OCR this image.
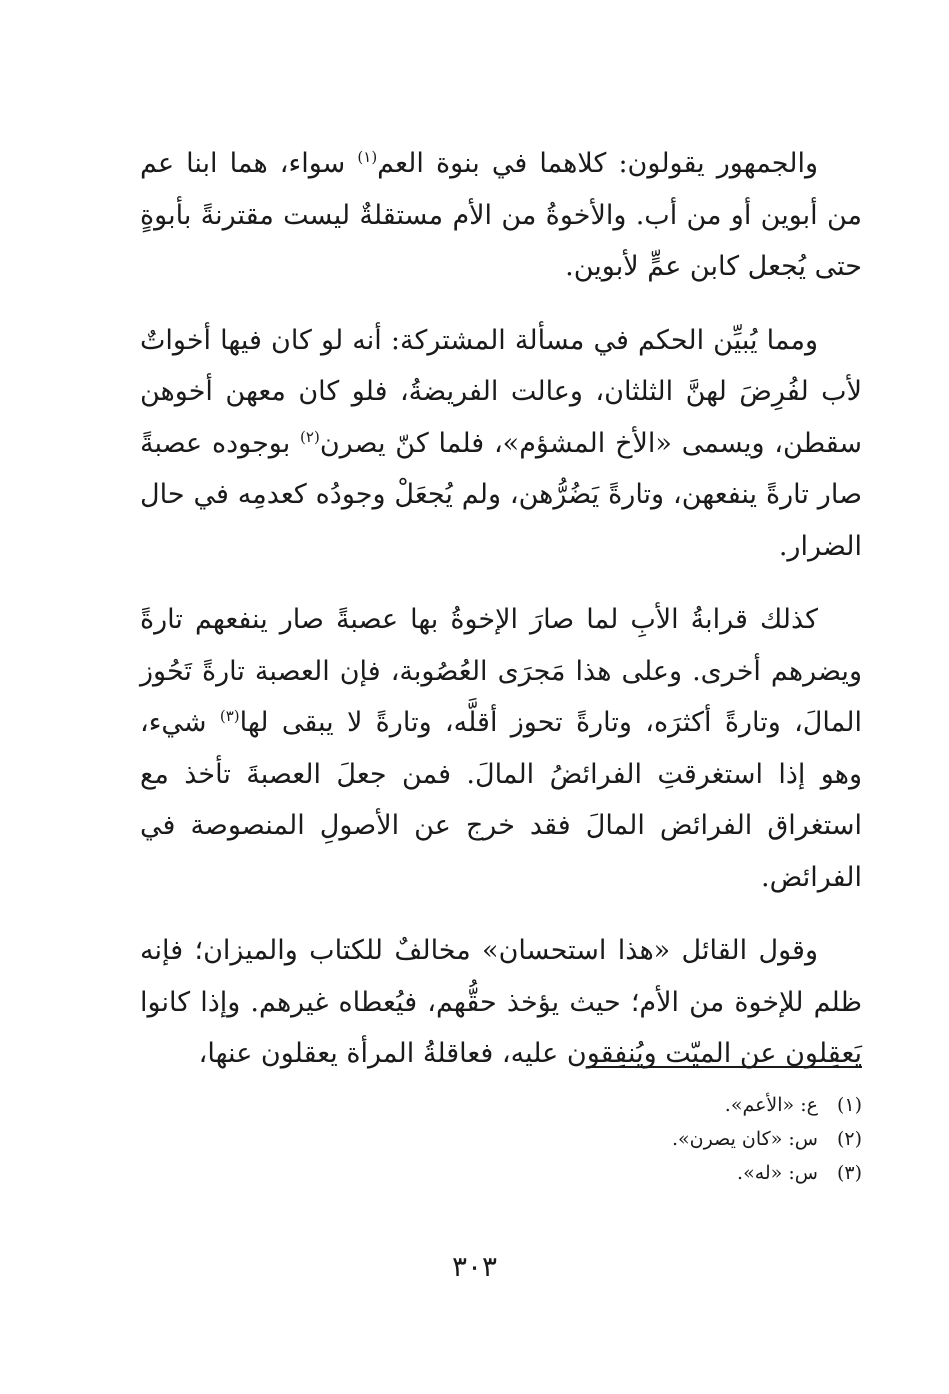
والجمهور يقولون: كلاهما في بنوة العم$^{(١)}$ سواء، هما ابنا عم من أبوين أو من أب. والأخوةُ من الأم مستقلةٌ ليست مقترنةً بأبوةٍ حتى يُجعل كابن عمٍّ لأبوين.

ومما يُبيِّن الحكم في مسألة المشتركة: أنه لو كان فيها أخواتٌ لأب لفُرِضَ لهنَّ الثلثان، وعالت الفريضةُ، فلو كان معهن أخوهن سقطن، ويسمى «الأخ المشؤم»، فلما كنّ يصرن$^{(٢)}$ بوجوده عصبةً صار تارةً ينفعهن، وتارةً يَضُرُّهن، ولم يُجعَلْ وجودُه كعدمِه في حال الضرار.

كذلك قرابةُ الأبِ لما صارَ الإخوةُ بها عصبةً صار ينفعهم تارةً ويضرهم أخرى. وعلى هذا مَجرَى العُصُوبة، فإن العصبة تارةً تَحُوز المالَ، وتارةً أكثرَه، وتارةً تحوز أقلَّه، وتارةً لا يبقى لها$^{(٣)}$ شيء، وهو إذا استغرقتِ الفرائضُ المالَ. فمن جعلَ العصبةَ تأخذ مع استغراق الفرائض المالَ فقد خرج عن الأصولِ المنصوصة في الفرائض.

وقول القائل «هذا استحسان» مخالفٌ للكتاب والميزان؛ فإنه ظلم للإخوة من الأم؛ حيث يؤخذ حقُّهم، فيُعطاه غيرهم. وإذا كانوا يَعقِلون عن الميّت ويُنفِقون عليه، فعاقلةُ المرأة يعقلون عنها،

(١) ع: «الأعم».
(٢) س: «كان يصرن».
(٣) س: «له».
٣٠٣
